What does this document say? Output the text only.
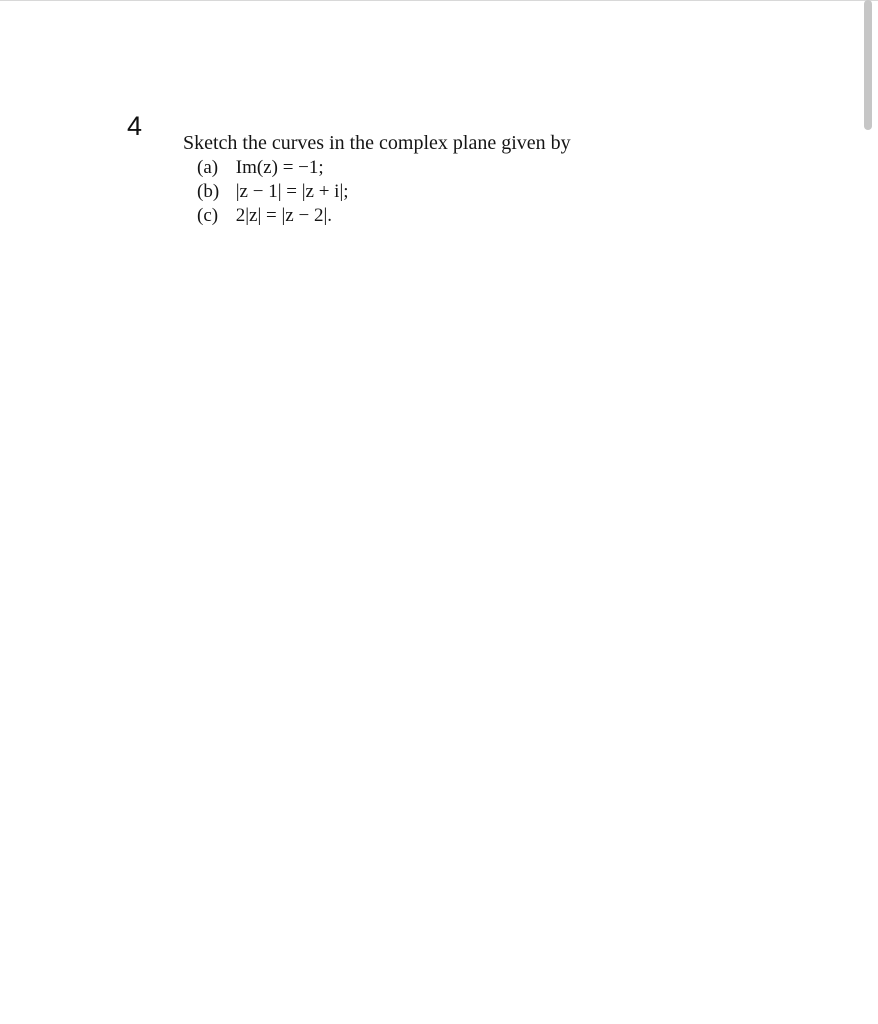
4
Sketch the curves in the complex plane given by
(a) Im(z) = −1;
(b) |z − 1| = |z + i|;
(c) 2|z| = |z − 2|.
